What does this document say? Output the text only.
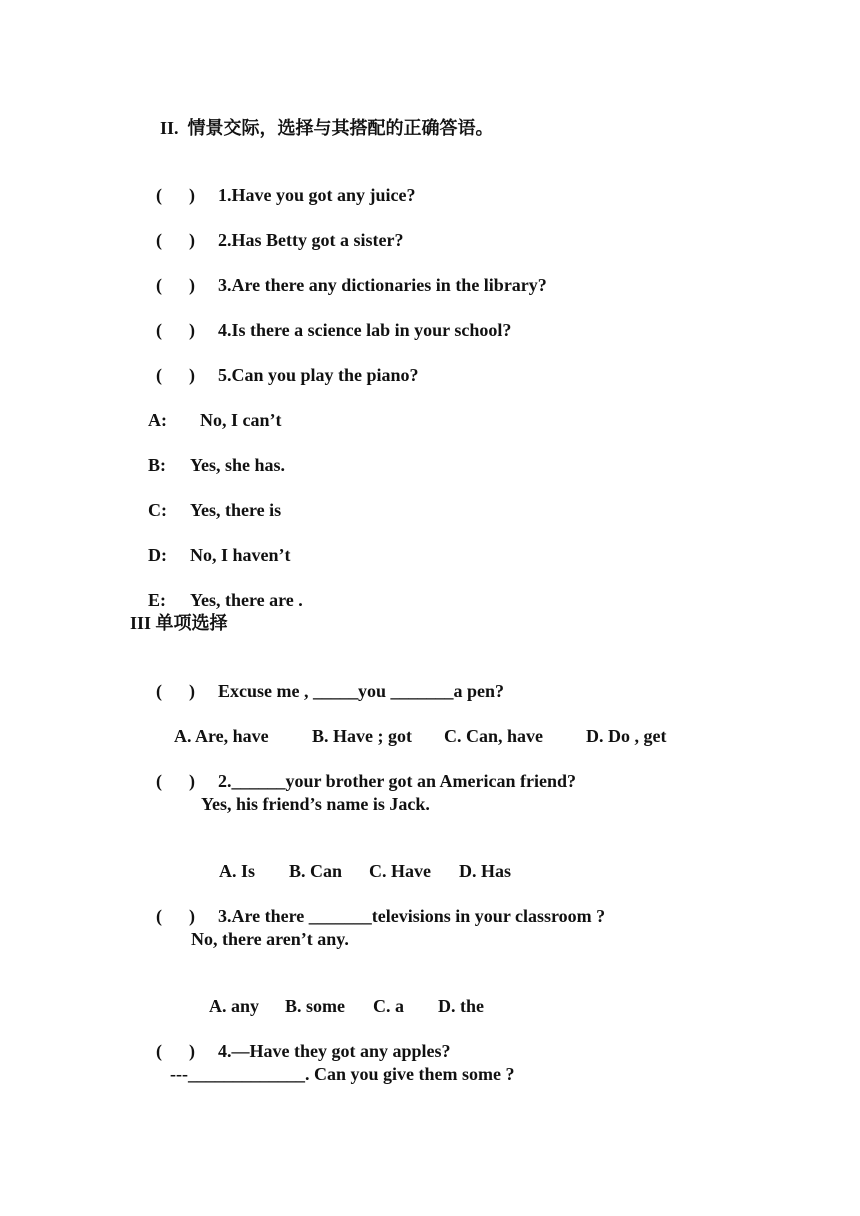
II.  情景交际，选择与其搭配的正确答语。

(      ) 1.Have you got any juice?

(      ) 2.Has Betty got a sister?

(      ) 3.Are there any dictionaries in the library?

(      ) 4.Is there a science lab in your school?

(      ) 5.Can you play the piano?

A: No, I can’t

B: Yes, she has.

C: Yes, there is

D: No, I haven’t

E: Yes, there are .

III 单项选择

(      ) Excuse me , _____you _______a pen?

A. Are, have B. Have ; got C. Can, have D. Do , get

(      ) 2.______your brother got an American friend?

Yes, his friend’s name is Jack.

A. Is B. Can C. Have D. Has

(      ) 3.Are there _______televisions in your classroom ?

No, there aren’t any.

A. any B. some C. a D. the

(      ) 4.—Have they got any apples?

---_____________. Can you give them some ?
